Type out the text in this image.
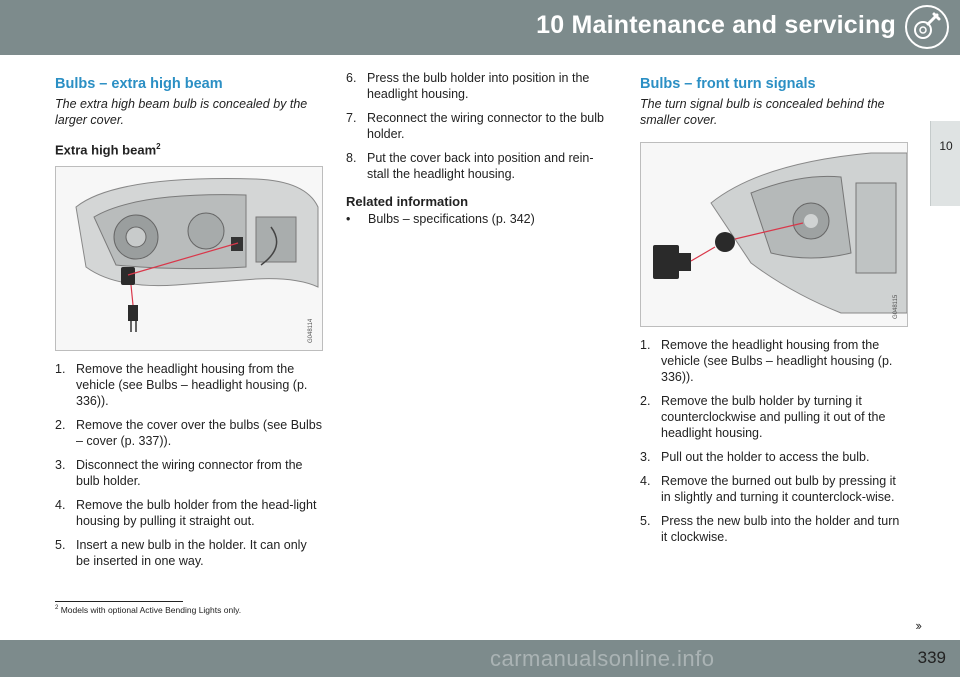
10 Maintenance and servicing
10
Bulbs – extra high beam

The extra high beam bulb is concealed by the larger cover.

Extra high beam$^2$
G048114
1. Remove the headlight housing from the vehicle (see Bulbs – headlight housing (p. 336)).
2. Remove the cover over the bulbs (see Bulbs – cover (p. 337)).
3. Disconnect the wiring connector from the bulb holder.
4. Remove the bulb holder from the head-light housing by pulling it straight out.
5. Insert a new bulb in the holder. It can only be inserted in one way.
6. Press the bulb holder into position in the headlight housing.
7. Reconnect the wiring connector to the bulb holder.
8. Put the cover back into position and rein-stall the headlight housing.
Related information
• Bulbs – specifications (p. 342)
Bulbs – front turn signals

The turn signal bulb is concealed behind the smaller cover.

G048115
1. Remove the headlight housing from the vehicle (see Bulbs – headlight housing (p. 336)).
2. Remove the bulb holder by turning it counterclockwise and pulling it out of the headlight housing.
3. Pull out the holder to access the bulb.
4. Remove the burned out bulb by pressing it in slightly and turning it counterclock-wise.
5. Press the new bulb into the holder and turn it clockwise.
$^2$ Models with optional Active Bending Lights only.
››
carmanualsonline.info	339
